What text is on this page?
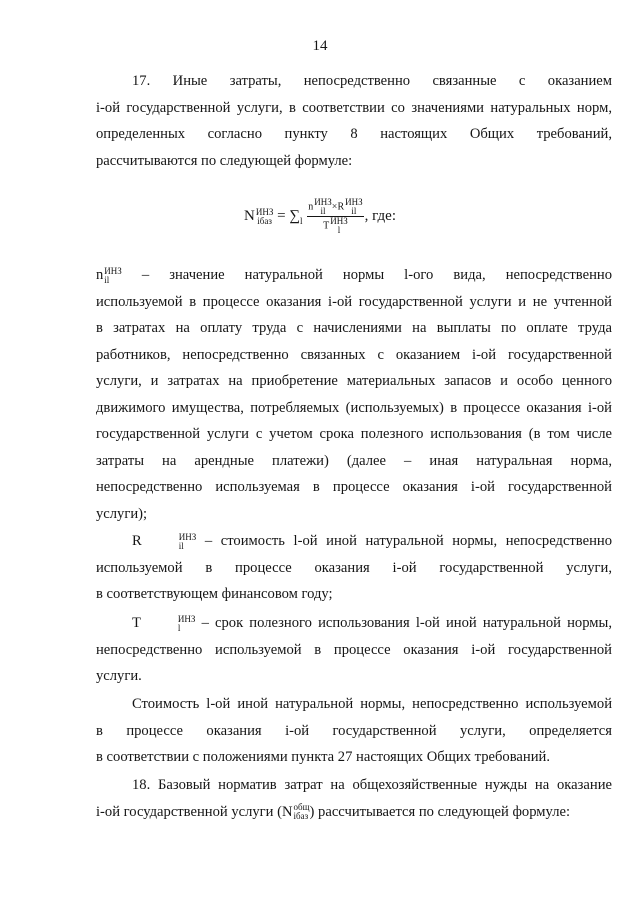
14
17. Иные затраты, непосредственно связанные с оказанием
i-ой государственной услуги, в соответствии со значениями натуральных норм,
определенных согласно пункту 8 настоящих Общих требований,
рассчитываются по следующей формуле:
N ИНЗ
iбаз = $\sum_l$ n ИНЗ
il ×R ИНЗ
il
T ИНЗ
l , где:
n ИНЗ
il – значение натуральной нормы l-ого вида, непосредственно
используемой в процессе оказания i-ой государственной услуги и не учтенной
в затратах на оплату труда с начислениями на выплаты по оплате труда
работников, непосредственно связанных с оказанием i-ой государственной
услуги, и затратах на приобретение материальных запасов и особо ценного
движимого имущества, потребляемых (используемых) в процессе оказания i-ой
государственной услуги с учетом срока полезного использования (в том числе
затраты на арендные платежи) (далее – иная натуральная норма,
непосредственно используемая в процессе оказания i-ой государственной
услуги);
R	ИНЗ
il – стоимость l-ой иной натуральной нормы, непосредственно
используемой в процессе оказания i-ой государственной услуги,
в соответствующем финансовом году;
T	ИНЗ
l	– срок полезного использования l-ой иной натуральной нормы,
непосредственно используемой в процессе оказания i-ой государственной
услуги.
Стоимость l-ой иной натуральной нормы, непосредственно используемой
в процессе оказания i-ой государственной услуги, определяется
в соответствии с положениями пункта 27 настоящих Общих требований.
18. Базовый норматив затрат на общехозяйственные нужды на оказание
i-ой государственной услуги (N общ
iбаз ) рассчитывается по следующей формуле:
